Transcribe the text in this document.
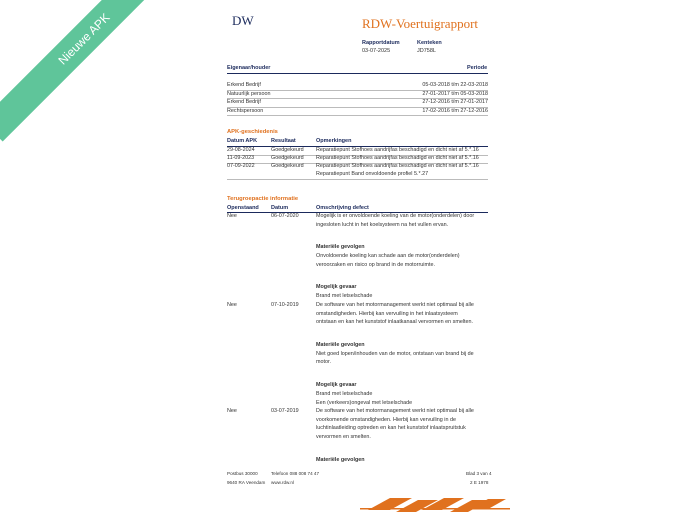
DW	RDW-Voertuigrapport
Rapportdatum
03-07-2025
Kenteken
JD758L
Eigenaar/houder	Periode
Erkend Bedrijf	05-03-2018 t/m 22-03-2018
Natuurlijk persoon	27-01-2017 t/m 05-03-2018
Erkend Bedrijf	27-12-2016 t/m 27-01-2017
Rechtspersoon	17-02-2016 t/m 27-12-2016
APK-geschiedenis
Datum APK	Resultaat	Opmerkingen
29-08-2024	Goedgekeurd Reparatiepunt Stofhoes aandrijfas beschadigd en dicht niet af 5.*.16
11-09-2023	Goedgekeurd Reparatiepunt Stofhoes aandrijfas beschadigd en dicht niet af 5.*.16
07-09-2022	Goedgekeurd Reparatiepunt Stofhoes aandrijfas beschadigd en dicht niet af 5.*.16
Reparatiepunt Band onvoldoende profiel 5.*.27
Terugroepactie informatie
Openstaand Datum	Omschrijving defect
Nee	06-07-2020	Mogelijk is er onvoldoende koeling van de motor(onderdelen) door
ingesloten lucht in het koelsysteem na het vullen ervan.
Materiële gevolgen
Onvoldoende koeling kan schade aan de motor(onderdelen)
veroorzaken en risico op brand in de motorruimte.
Mogelijk gevaar
Brand met letselschade
Nee	07-10-2019	De software van het motormanagement werkt niet optimaal bij alle
omstandigheden. Hierbij kan vervuiling in het inlaatsysteem
ontstaan en kan het kunststof inlaatkanaal vervormen en smelten.
Materiële gevolgen
Niet goed lopen/inhouden van de motor, ontstaan van brand bij de
motor.
Mogelijk gevaar
Brand met letselschade
Een (verkeers)ongeval met letselschade
Nee	03-07-2019	De software van het motormanagement werkt niet optimaal bij alle
voorkomende omstandigheden. Hierbij kan vervuiling in de
luchtinlaatleiding optreden en kan het kunststof inlaatspruitstuk
vervormen en smelten.
Materiële gevolgen
Postbus 30000
9640 RA Veendam
Telefoon 088 008 74 47
www.rdw.nl
Blad 3 van 4
2 E 1978
Nieuwe APK
